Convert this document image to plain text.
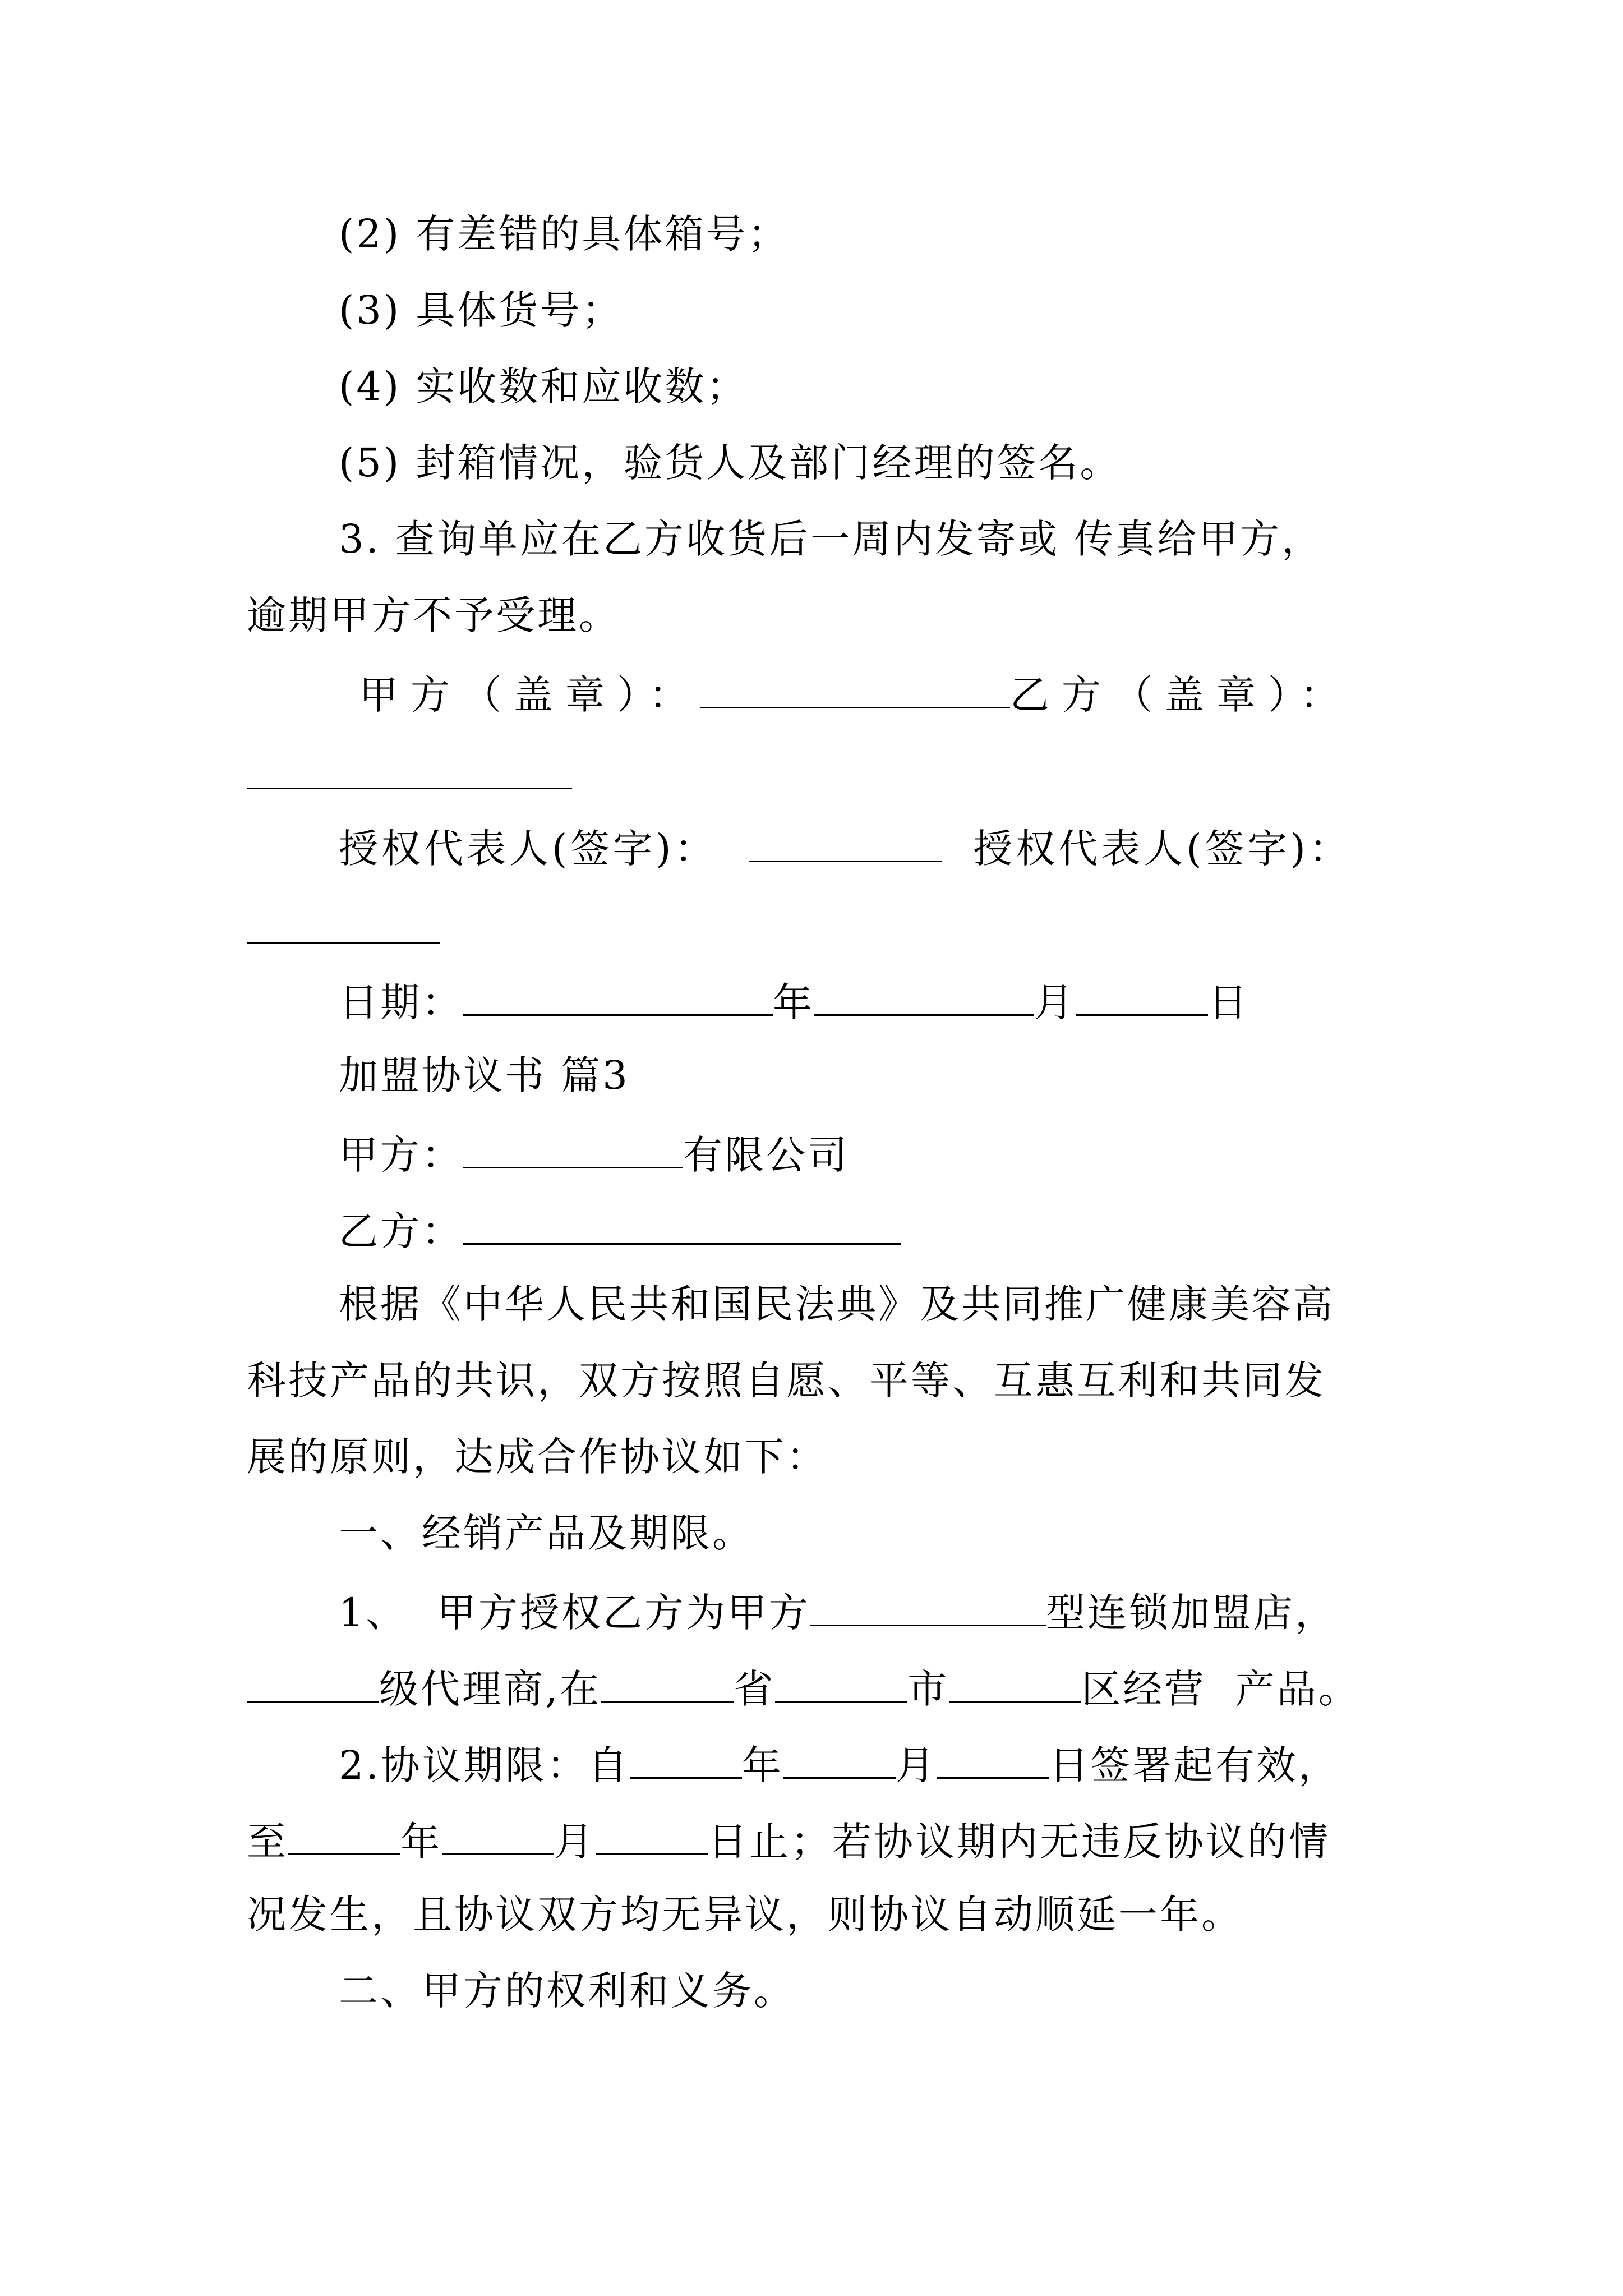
(2) 有差错的具体箱号；
(3) 具体货号；
(4) 实收数和应收数；
(5) 封箱情况，验货人及部门经理的签名。
3. 查询单应在乙方收货后一周内发寄或 传真给甲方，
逾期甲方不予受理。
甲方（盖章）：	乙方（盖章）：
授权代表人(签字)：	授权代表人(签字)：
日期：	年	月	日
加盟协议书 篇3
甲方：	有限公司
乙方：
根据《中华人民共和国民法典》及共同推广健康美容高
科技产品的共识，双方按照自愿、平等、互惠互利和共同发
展的原则，达成合作协议如下：
一、经销产品及期限。
1、  甲方授权乙方为甲方	型连锁加盟店，
级代理商,在	省	市	区经营  产品。
2.协议期限：自	年	月	日签署起有效，
至	年	月	日止；若协议期内无违反协议的情
况发生，且协议双方均无异议，则协议自动顺延一年。
二、甲方的权利和义务。
